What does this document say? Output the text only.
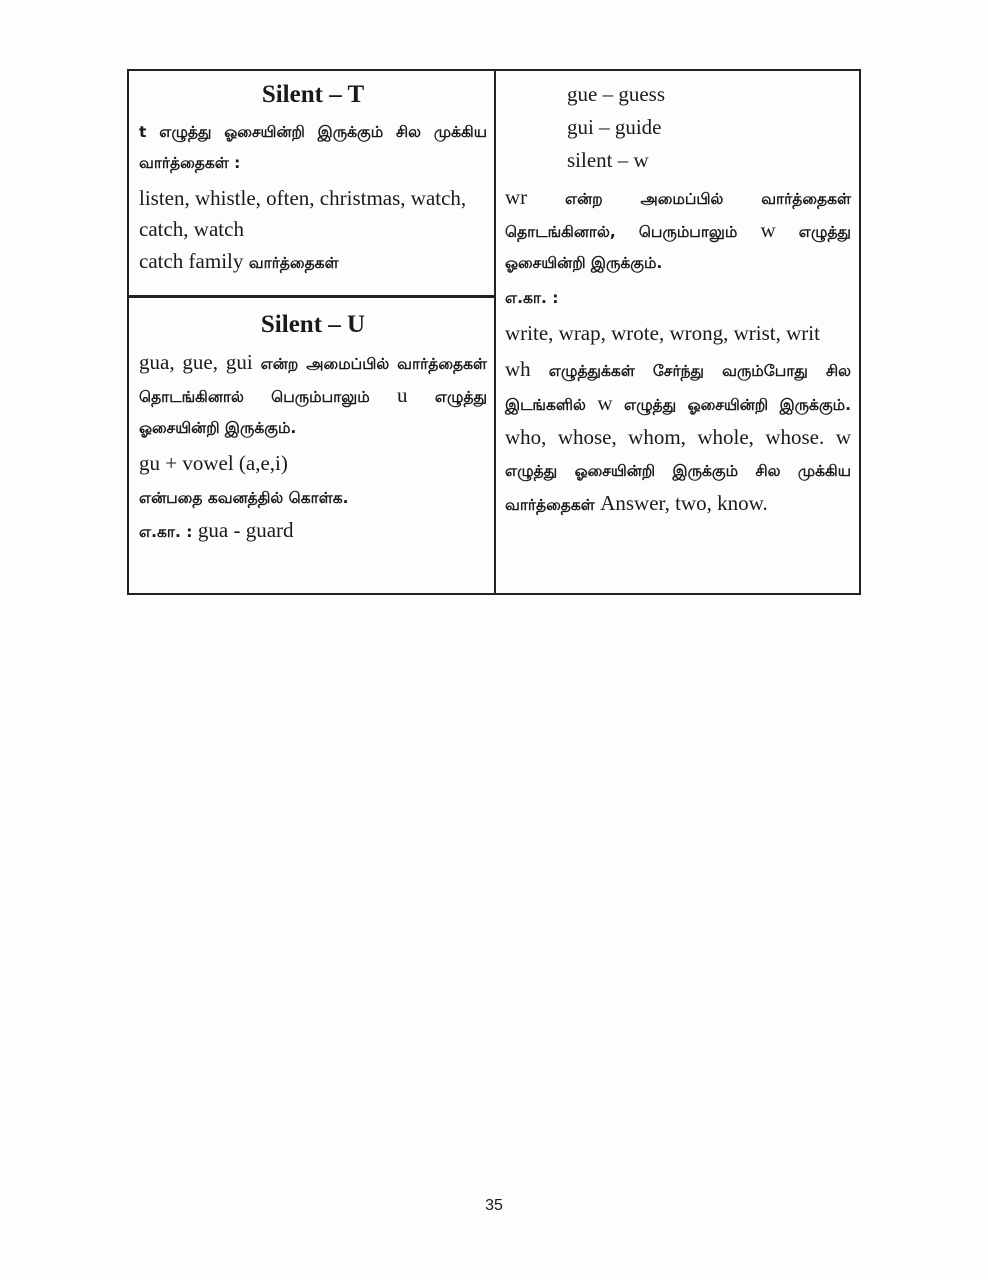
Silent – T

t எழுத்து ஓசையின்றி இருக்கும் சில முக்கிய வார்த்தைகள் :

listen, whistle, often, christmas, watch, catch, watch

catch family வார்த்தைகள்

Silent – U

gua, gue, gui என்ற அமைப்பில் வார்த்தைகள் தொடங்கினால் பெரும்பாலும் u எழுத்து ஓசையின்றி இருக்கும்.

gu + vowel (a,e,i)

என்பதை கவனத்தில் கொள்க.

எ.கா. : gua - guard

gue – guess

gui – guide

silent – w

wr என்ற அமைப்பில் வார்த்தைகள் தொடங்கினால், பெரும்பாலும் w எழுத்து ஓசையின்றி இருக்கும்.

எ.கா. :

write, wrap, wrote, wrong, wrist, writ

wh எழுத்துக்கள் சேர்ந்து வரும்போது சில இடங்களில் w எழுத்து ஓசையின்றி இருக்கும். who, whose, whom, whole, whose. w எழுத்து ஓசையின்றி இருக்கும் சில முக்கிய வார்த்தைகள் Answer, two, know.

35
